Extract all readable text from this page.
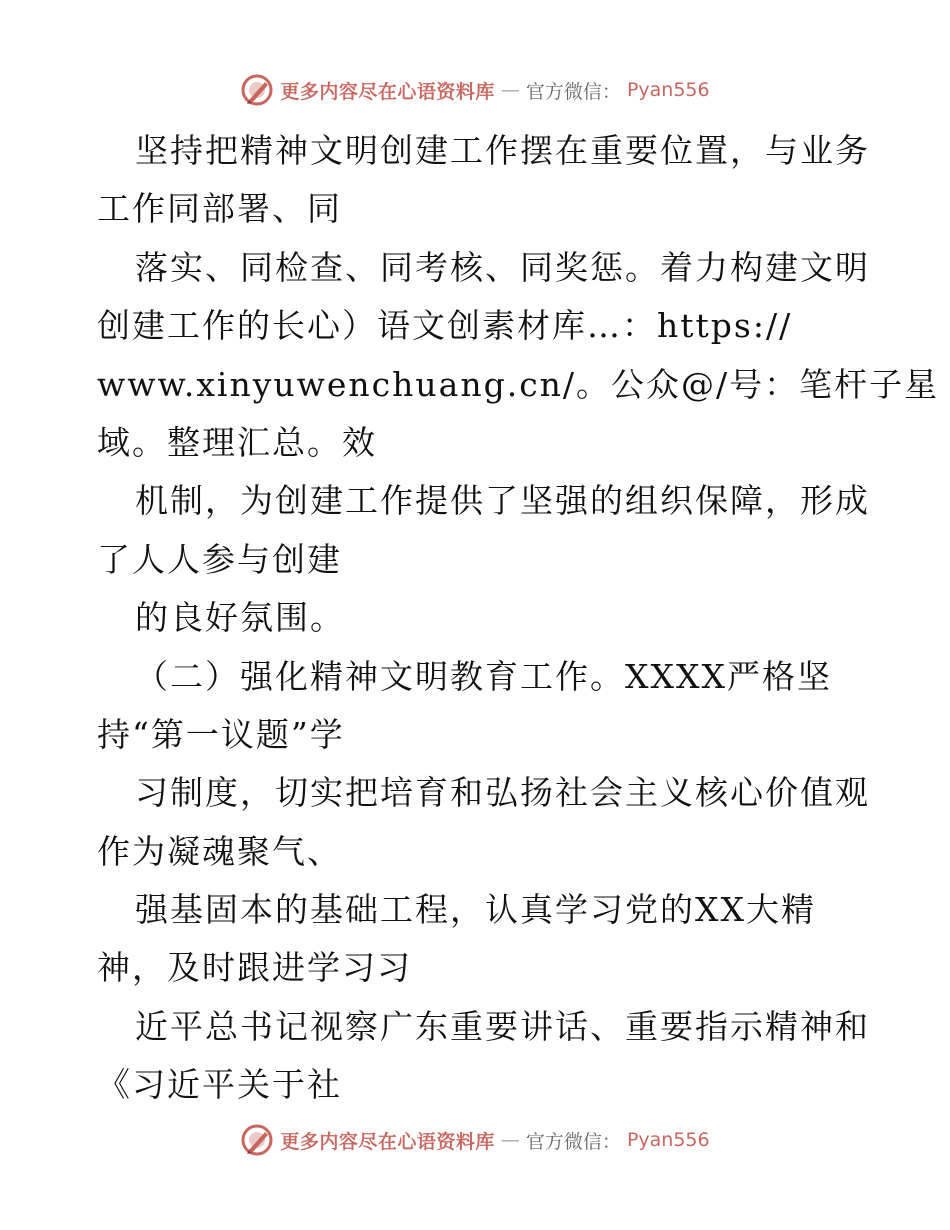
更多内容尽在心语资料库 — 官方微信： Pyan556
坚持把精神文明创建工作摆在重要位置，与业务
工作同部署、同
落实、同检查、同考核、同奖惩。着力构建文明
创建工作的长心）语文创素材库…：https://
www.xinyuwenchuang.cn/。公众@/号：笔杆子星
域。整理汇总。效
机制，为创建工作提供了坚强的组织保障，形成
了人人参与创建
的良好氛围。
（二）强化精神文明教育工作。XXXX严格坚
持“第一议题”学
习制度，切实把培育和弘扬社会主义核心价值观
作为凝魂聚气、
强基固本的基础工程，认真学习党的XX大精
神，及时跟进学习习
近平总书记视察广东重要讲话、重要指示精神和
《习近平关于社
更多内容尽在心语资料库 — 官方微信： Pyan556
